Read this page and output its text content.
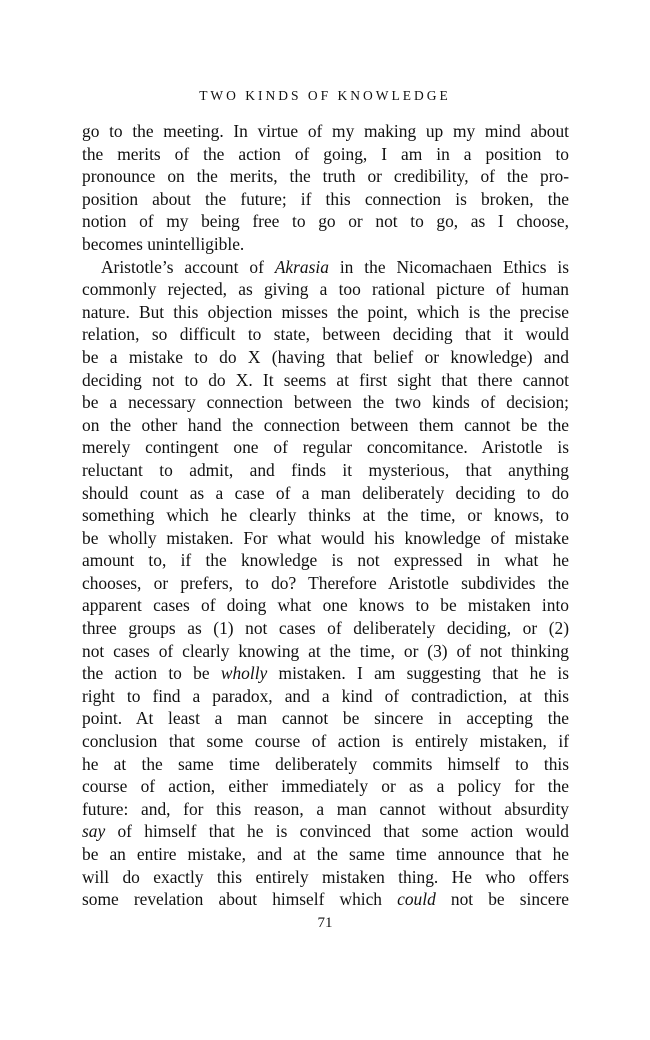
TWO KINDS OF KNOWLEDGE
go to the meeting. In virtue of my making up my mind about
the merits of the action of going, I am in a position to
pronounce on the merits, the truth or credibility, of the pro-
position about the future; if this connection is broken, the
notion of my being free to go or not to go, as I choose,
becomes unintelligible.
Aristotle’s account of Akrasia in the Nicomachaen Ethics is
commonly rejected, as giving a too rational picture of human
nature. But this objection misses the point, which is the precise
relation, so difficult to state, between deciding that it would
be a mistake to do X (having that belief or knowledge) and
deciding not to do X. It seems at first sight that there cannot
be a necessary connection between the two kinds of decision;
on the other hand the connection between them cannot be the
merely contingent one of regular concomitance. Aristotle is
reluctant to admit, and finds it mysterious, that anything
should count as a case of a man deliberately deciding to do
something which he clearly thinks at the time, or knows, to
be wholly mistaken. For what would his knowledge of mistake
amount to, if the knowledge is not expressed in what he
chooses, or prefers, to do? Therefore Aristotle subdivides the
apparent cases of doing what one knows to be mistaken into
three groups as (1) not cases of deliberately deciding, or (2)
not cases of clearly knowing at the time, or (3) of not thinking
the action to be wholly mistaken. I am suggesting that he is
right to find a paradox, and a kind of contradiction, at this
point. At least a man cannot be sincere in accepting the
conclusion that some course of action is entirely mistaken, if
he at the same time deliberately commits himself to this
course of action, either immediately or as a policy for the
future: and, for this reason, a man cannot without absurdity
say of himself that he is convinced that some action would
be an entire mistake, and at the same time announce that he
will do exactly this entirely mistaken thing. He who offers
some revelation about himself which could not be sincere
71
